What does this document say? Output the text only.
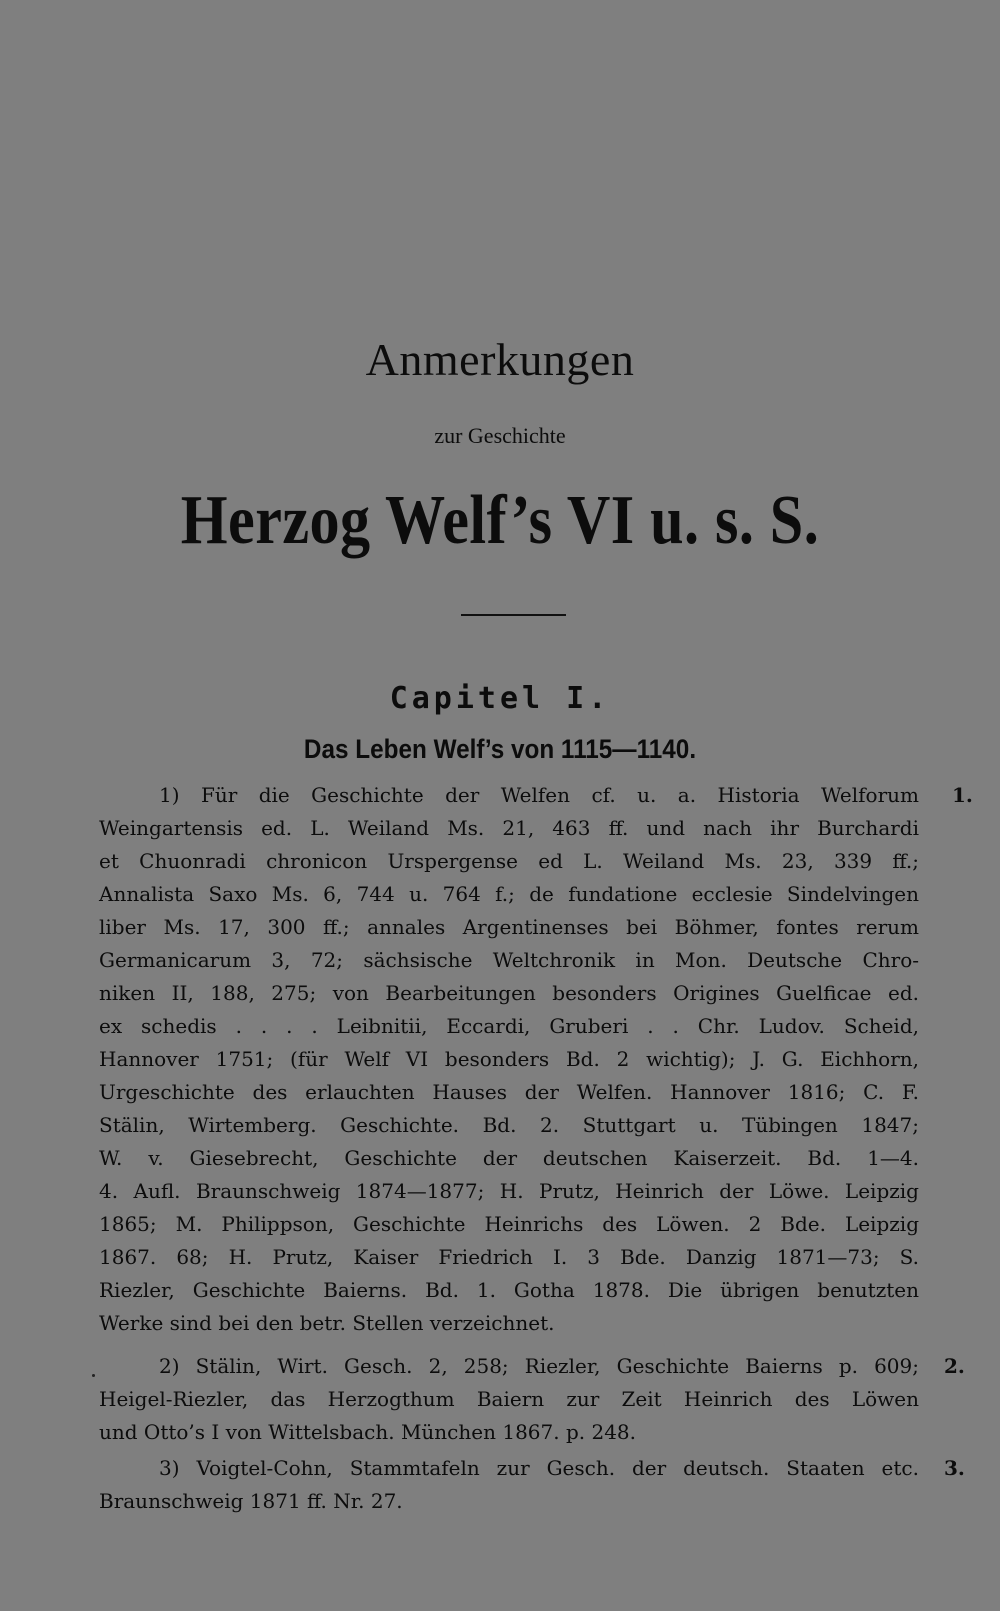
Anmerkungen
zur Geschichte
Herzog Welf’s VI u. s. S.
Capitel I.
Das Leben Welf’s von 1115—1140.
1.
1) Für die Geschichte der Welfen cf. u. a. Historia Welforum
Weingartensis ed. L. Weiland Ms. 21, 463 ff. und nach ihr Burchardi
et Chuonradi chronicon Urspergense ed L. Weiland Ms. 23, 339 ff.;
Annalista Saxo Ms. 6, 744 u. 764 f.; de fundatione ecclesie Sindelvingen
liber Ms. 17, 300 ff.; annales Argentinenses bei Böhmer, fontes rerum
Germanicarum 3, 72; sächsische Weltchronik in Mon. Deutsche Chro-
niken II, 188, 275; von Bearbeitungen besonders Origines Guelficae ed.
ex schedis . . . . Leibnitii, Eccardi, Gruberi . . Chr. Ludov. Scheid,
Hannover 1751; (für Welf VI besonders Bd. 2 wichtig); J. G. Eichhorn,
Urgeschichte des erlauchten Hauses der Welfen. Hannover 1816; C. F.
Stälin, Wirtemberg. Geschichte. Bd. 2. Stuttgart u. Tübingen 1847;
W. v. Giesebrecht, Geschichte der deutschen Kaiserzeit. Bd. 1—4.
4. Aufl. Braunschweig 1874—1877; H. Prutz, Heinrich der Löwe. Leipzig
1865; M. Philippson, Geschichte Heinrichs des Löwen. 2 Bde. Leipzig
1867. 68; H. Prutz, Kaiser Friedrich I. 3 Bde. Danzig 1871—73; S.
Riezler, Geschichte Baierns. Bd. 1. Gotha 1878. Die übrigen benutzten
Werke sind bei den betr. Stellen verzeichnet.
2.
2) Stälin, Wirt. Gesch. 2, 258; Riezler, Geschichte Baierns p. 609;
Heigel-Riezler, das Herzogthum Baiern zur Zeit Heinrich des Löwen
und Otto’s I von Wittelsbach. München 1867. p. 248.
3.
3) Voigtel-Cohn, Stammtafeln zur Gesch. der deutsch. Staaten etc.
Braunschweig 1871 ff. Nr. 27.
